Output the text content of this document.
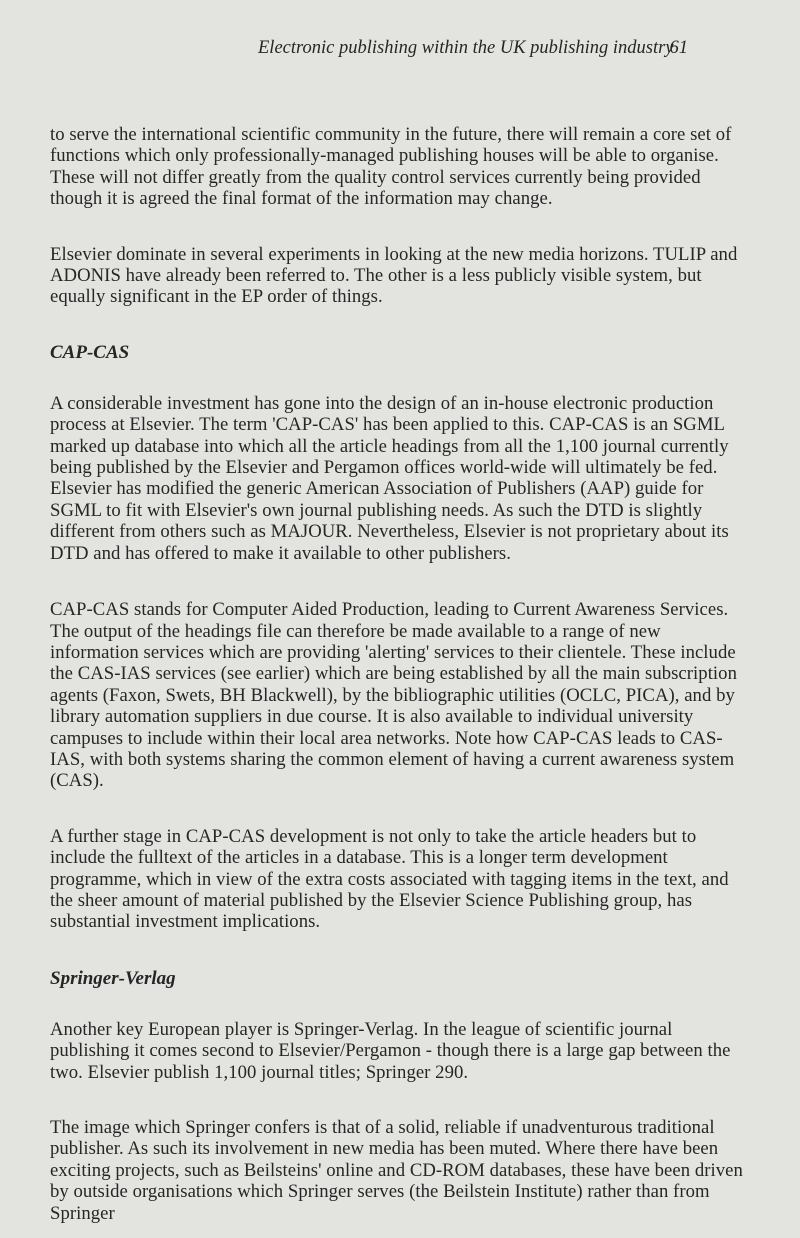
Electronic publishing within the UK publishing industry
61

to serve the international scientific community in the future, there will remain a core set of functions which only professionally-managed publishing houses will be able to organise. These will not differ greatly from the quality control services currently being provided though it is agreed the final format of the information may change.

Elsevier dominate in several experiments in looking at the new media horizons. TULIP and ADONIS have already been referred to. The other is a less publicly visible system, but equally significant in the EP order of things.

CAP-CAS

A considerable investment has gone into the design of an in-house electronic production process at Elsevier. The term 'CAP-CAS' has been applied to this. CAP-CAS is an SGML marked up database into which all the article headings from all the 1,100 journal currently being published by the Elsevier and Pergamon offices world-wide will ultimately be fed. Elsevier has modified the generic American Association of Publishers (AAP) guide for SGML to fit with Elsevier's own journal publishing needs. As such the DTD is slightly different from others such as MAJOUR. Nevertheless, Elsevier is not proprietary about its DTD and has offered to make it available to other publishers.

CAP-CAS stands for Computer Aided Production, leading to Current Awareness Services. The output of the headings file can therefore be made available to a range of new information services which are providing 'alerting' services to their clientele. These include the CAS-IAS services (see earlier) which are being established by all the main subscription agents (Faxon, Swets, BH Blackwell), by the bibliographic utilities (OCLC, PICA), and by library automation suppliers in due course. It is also available to individual university campuses to include within their local area networks. Note how CAP-CAS leads to CAS-IAS, with both systems sharing the common element of having a current awareness system (CAS).

A further stage in CAP-CAS development is not only to take the article headers but to include the fulltext of the articles in a database. This is a longer term development programme, which in view of the extra costs associated with tagging items in the text, and the sheer amount of material published by the Elsevier Science Publishing group, has substantial investment implications.

Springer-Verlag

Another key European player is Springer-Verlag. In the league of scientific journal publishing it comes second to Elsevier/Pergamon - though there is a large gap between the two. Elsevier publish 1,100 journal titles; Springer 290.

The image which Springer confers is that of a solid, reliable if unadventurous traditional publisher. As such its involvement in new media has been muted. Where there have been exciting projects, such as Beilsteins' online and CD-ROM databases, these have been driven by outside organisations which Springer serves (the Beilstein Institute) rather than from Springer
